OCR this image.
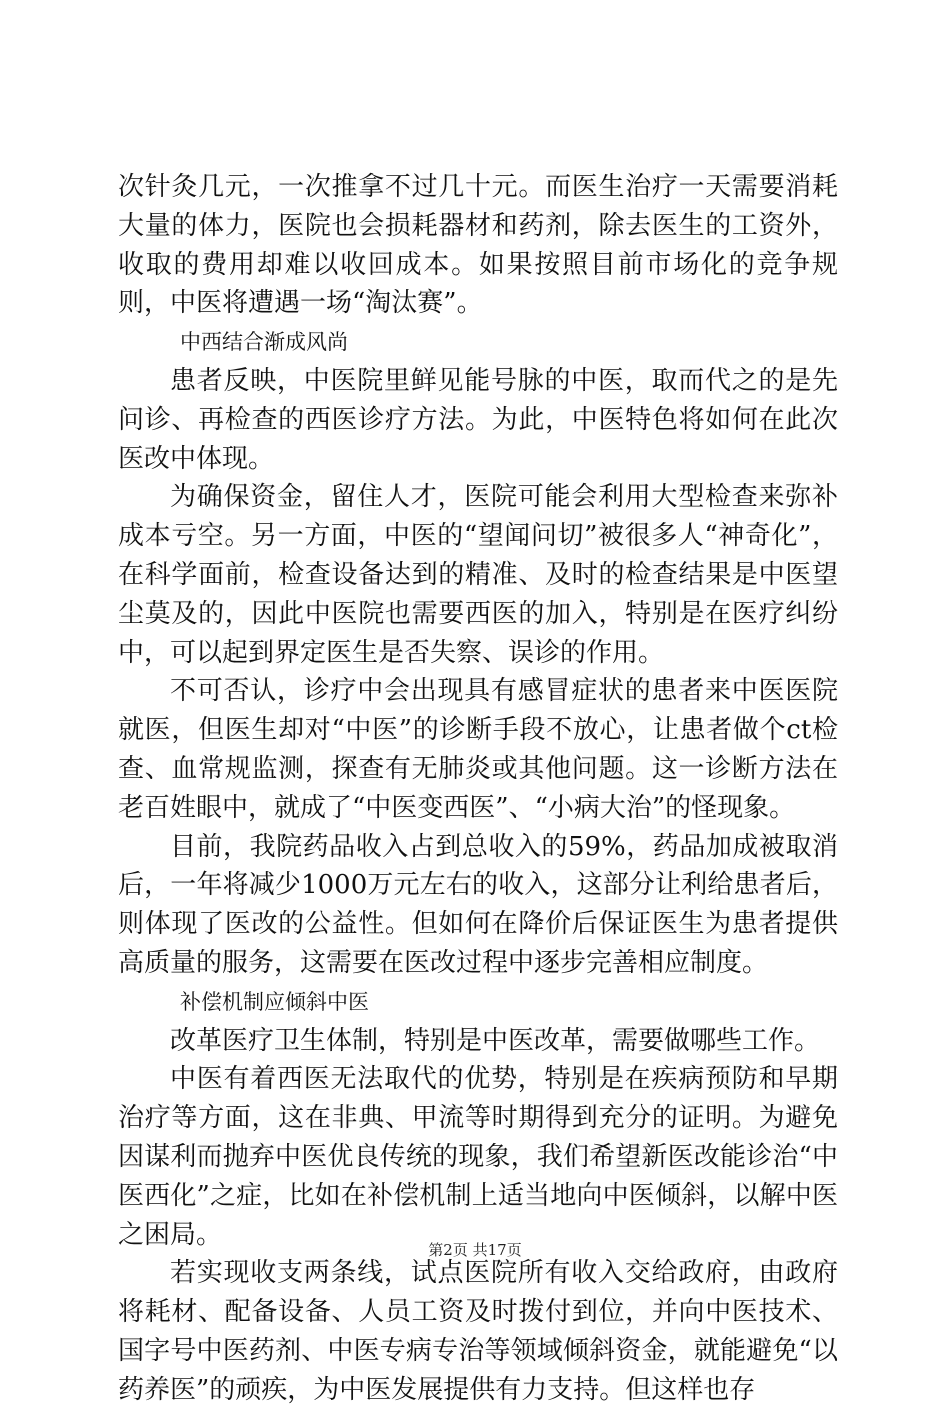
次针灸几元，一次推拿不过几十元。而医生治疗一天需要消耗大量的体力，医院也会损耗器材和药剂，除去医生的工资外，收取的费用却难以收回成本。如果按照目前市场化的竞争规则，中医将遭遇一场“淘汰赛”。

中西结合渐成风尚

患者反映，中医院里鲜见能号脉的中医，取而代之的是先问诊、再检查的西医诊疗方法。为此，中医特色将如何在此次医改中体现。

为确保资金，留住人才，医院可能会利用大型检查来弥补成本亏空。另一方面，中医的“望闻问切”被很多人“神奇化”，在科学面前，检查设备达到的精准、及时的检查结果是中医望尘莫及的，因此中医院也需要西医的加入，特别是在医疗纠纷中，可以起到界定医生是否失察、误诊的作用。

不可否认，诊疗中会出现具有感冒症状的患者来中医医院就医，但医生却对“中医”的诊断手段不放心，让患者做个ct检查、血常规监测，探查有无肺炎或其他问题。这一诊断方法在老百姓眼中，就成了“中医变西医”、“小病大治”的怪现象。

目前，我院药品收入占到总收入的59%，药品加成被取消后，一年将减少1000万元左右的收入，这部分让利给患者后，则体现了医改的公益性。但如何在降价后保证医生为患者提供高质量的服务，这需要在医改过程中逐步完善相应制度。

补偿机制应倾斜中医

改革医疗卫生体制，特别是中医改革，需要做哪些工作。

中医有着西医无法取代的优势，特别是在疾病预防和早期治疗等方面，这在非典、甲流等时期得到充分的证明。为避免因谋利而抛弃中医优良传统的现象，我们希望新医改能诊治“中医西化”之症，比如在补偿机制上适当地向中医倾斜，以解中医之困局。

若实现收支两条线，试点医院所有收入交给政府，由政府将耗材、配备设备、人员工资及时拨付到位，并向中医技术、国字号中医药剂、中医专病专治等领域倾斜资金，就能避免“以药养医”的顽疾，为中医发展提供有力支持。但这样也存

第2页 共17页
